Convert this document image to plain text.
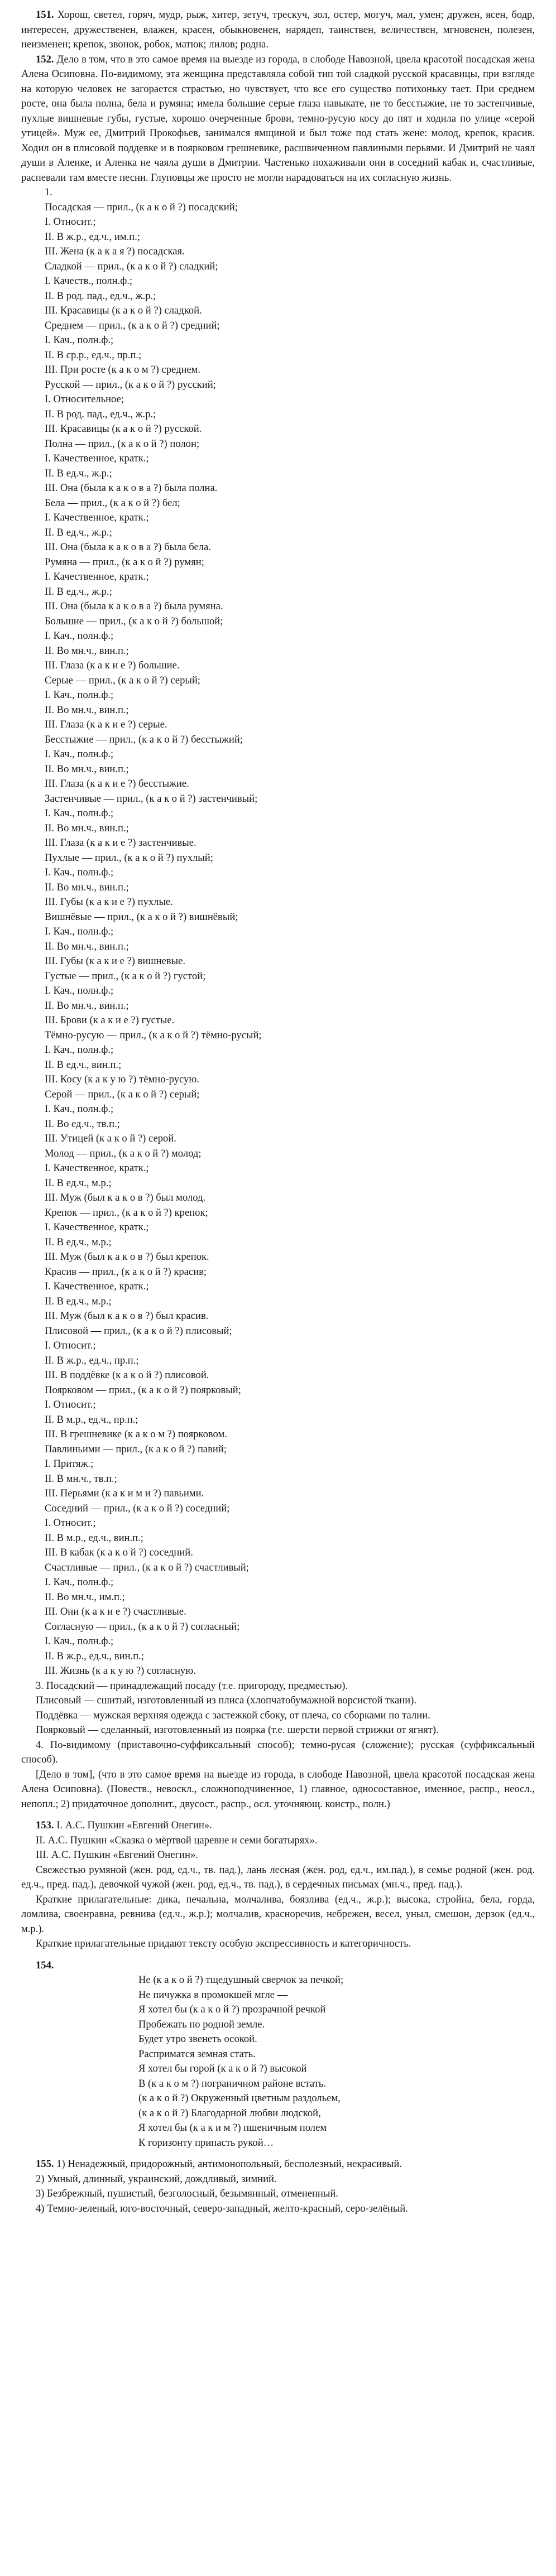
151. Хорош, светел, горяч, мудр, рыж, хитер, зетуч, трескуч, зол, остер, могуч, мал, умен; дружен, ясен, бодр, интересен, дружественен, влажен, красен, обыкновенен, нарядеп, таинствен, величествен, мгновенен, полезен, неизменен; крепок, звонок, робок, матюк; лилов; родна.

152. Дело в том, что в это самое время на выезде из города, в слободе Навозной, цвела красотой посадская жена Алена Осиповна. По-видимому, эта женщина представляла собой тип той сладкой русской красавицы, при взгляде на которую человек не загорается страстью, но чувствует, что все его существо потихоньку тает. При среднем росте, она была полна, бела и румяна; имела большие серые глаза навыкате, не то бесстыжие, не то застенчивые, пухлые вишневые губы, густые, хорошо очерченные брови, темно-русую косу до пят и ходила по улице «серой утицей». Муж ее, Дмитрий Прокофьев, занимался ямщиной и был тоже под стать жене: молод, крепок, красив. Ходил он в плисовой поддевке и в поярковом грешневике, расшвиченном павлиными перьями. И Дмитрий не чаял души в Аленке, и Аленка не чаяла души в Дмитрии. Частенько похаживали они в соседний кабак и, счастливые, распевали там вместе песни. Глуповцы же просто не могли нарадоваться на их согласную жизнь.

1.

Посадская — прил., (к а к о й ?) посадский;

I. Относит.;

II. В ж.р., ед.ч., им.п.;

III. Жена (к а к а я ?) посадская.

Сладкой — прил., (к а к о й ?) сладкий;

I. Качеств., полн.ф.;

II. В род. пад., ед.ч., ж.р.;

III. Красавицы (к а к о й ?) сладкой.

Среднем — прил., (к а к о й ?) средний;

I. Кач., полн.ф.;

II. В ср.р., ед.ч., пр.п.;

III. При росте (к а к о м ?) среднем.

Русской — прил., (к а к о й ?) русский;

I. Относительное;

II. В род. пад., ед.ч., ж.р.;

III. Красавицы (к а к о й ?) русской.

Полна — прил., (к а к о й ?) полон;

I. Качественное, кратк.;

II. В ед.ч., ж.р.;

III. Она (была к а к о в а ?) была полна.

Бела — прил., (к а к о й ?) бел;

I. Качественное, кратк.;

II. В ед.ч., ж.р.;

III. Она (была к а к о в а ?) была бела.

Румяна — прил., (к а к о й ?) румян;

I. Качественное, кратк.;

II. В ед.ч., ж.р.;

III. Она (была к а к о в а ?) была румяна.

Большие — прил., (к а к о й ?) большой;

I. Кач., полн.ф.;

II. Во мн.ч., вин.п.;

III. Глаза (к а к и е ?) большие.

Серые — прил., (к а к о й ?) серый;

I. Кач., полн.ф.;

II. Во мн.ч., вин.п.;

III. Глаза (к а к и е ?) серые.

Бесстыжие — прил., (к а к о й ?) бесстыжий;

I. Кач., полн.ф.;

II. Во мн.ч., вин.п.;

III. Глаза (к а к и е ?) бесстыжие.

Застенчивые — прил., (к а к о й ?) застенчивый;

I. Кач., полн.ф.;

II. Во мн.ч., вин.п.;

III. Глаза (к а к и е ?) застенчивые.

Пухлые — прил., (к а к о й ?) пухлый;

I. Кач., полн.ф.;

II. Во мн.ч., вин.п.;

III. Губы (к а к и е ?) пухлые.

Вишнёвые — прил., (к а к о й ?) вишнёвый;

I. Кач., полн.ф.;

II. Во мн.ч., вин.п.;

III. Губы (к а к и е ?) вишневые.

Густые — прил., (к а к о й ?) густой;

I. Кач., полн.ф.;

II. Во мн.ч., вин.п.;

III. Брови (к а к и е ?) густые.

Тёмно-русую — прил., (к а к о й ?) тёмно-русый;

I. Кач., полн.ф.;

II. В ед.ч., вин.п.;

III. Косу (к а к у ю ?) тёмно-русую.

Серой — прил., (к а к о й ?) серый;

I. Кач., полн.ф.;

II. Во ед.ч., тв.п.;

III. Утицей (к а к о й ?) серой.

Молод — прил., (к а к о й ?) молод;

I. Качественное, кратк.;

II. В ед.ч., м.р.;

III. Муж (был к а к о в ?) был молод.

Крепок — прил., (к а к о й ?) крепок;

I. Качественное, кратк.;

II. В ед.ч., м.р.;

III. Муж (был к а к о в ?) был крепок.

Красив — прил., (к а к о й ?) красив;

I. Качественное, кратк.;

II. В ед.ч., м.р.;

III. Муж (был к а к о в ?) был красив.

Плисовой — прил., (к а к о й ?) плисовый;

I. Относит.;

II. В ж.р., ед.ч., пр.п.;

III. В поддёвке (к а к о й ?) плисовой.

Поярковом — прил., (к а к о й ?) поярковый;

I. Относит.;

II. В м.р., ед.ч., пр.п.;

III. В грешневике (к а к о м ?) поярковом.

Павлиньими — прил., (к а к о й ?) павий;

I. Притяж.;

II. В мн.ч., тв.п.;

III. Перьями (к а к и м и ?) павьими.

Соседний — прил., (к а к о й ?) соседний;

I. Относит.;

II. В м.р., ед.ч., вин.п.;

III. В кабак (к а к о й ?) соседний.

Счастливые — прил., (к а к о й ?) счастливый;

I. Кач., полн.ф.;

II. Во мн.ч., им.п.;

III. Они (к а к и е ?) счастливые.

Согласную — прил., (к а к о й ?) согласный;

I. Кач., полн.ф.;

II. В ж.р., ед.ч., вин.п.;

III. Жизнь (к а к у ю ?) согласную.

3. Посадский — принадлежащий посаду (т.е. пригороду, предместью).

Плисовый — сшитый, изготовленный из плиса (хлопчатобумажной ворсистой ткани).

Поддёвка — мужская верхняя одежда с застежкой сбоку, от плеча, со сборками по талии.

Поярковый — сделанный, изготовленный из поярка (т.е. шерсти первой стрижки от ягнят).

4. По-видимому (приставочно-суффиксальный способ); темно-русая (сложение); русская (суффиксальный способ).

[Дело в том], (что в это самое время на выезде из города, в слободе Навозной, цвела красотой посадская жена Алена Осиповна). (Повеств., невоскл., сложноподчиненное, 1) главное, односоставное, именное, распр., неосл., непопл.; 2) придаточное дополнит., двусост., распр., осл. уточняющ. констр., полн.)

153. I. А.С. Пушкин «Евгений Онегин».

II. А.С. Пушкин «Сказка о мёртвой царевне и семи богатырях».

III. А.С. Пушкин «Евгений Онегин».

Свежестью румяной (жен. род, ед.ч., тв. пад.), лань лесная (жен. род, ед.ч., им.пад.), в семье родной (жен. род. ед.ч., пред. пад.), девочкой чужой (жен. род, ед.ч., тв. пад.), в сердечных письмах (мн.ч., пред. пад.).

Краткие прилагательные: дика, печальна, молчалива, боязлива (ед.ч., ж.р.); высока, стройна, бела, горда, ломлива, своенравна, ревнива (ед.ч., ж.р.); молчалив, красноречив, небрежен, весел, уныл, смешон, дерзок (ед.ч., м.р.).

Краткие прилагательные придают тексту особую экспрессивность и категоричность.

154.

Не (к а к о й ?) тщедушный сверчок за печкой;

Не пичужка в промокшей мгле —

Я хотел бы (к а к о й ?) прозрачной речкой

Пробежать по родной земле.

Будет утро звенеть осокой.

Расприматся земная стать.

Я хотел бы горой (к а к о й ?) высокой

В (к а к о м ?) пограничном районе встать.

(к а к о й ?) Окруженный цветным раздольем,

(к а к о й ?) Благодарной любви людской,

Я хотел бы (к а к и м ?) пшеничным полем

К горизонту припасть рукой…

155. 1) Ненадежный, придорожный, антимонопольный, бесполезный, некрасивый.

2) Умный, длинный, украинский, дождливый, зимний.

3) Безбрежный, пушистый, безголосный, безымянный, отмененный.

4) Темно-зеленый, юго-восточный, северо-западный, желто-красный, серо-зелёный.
